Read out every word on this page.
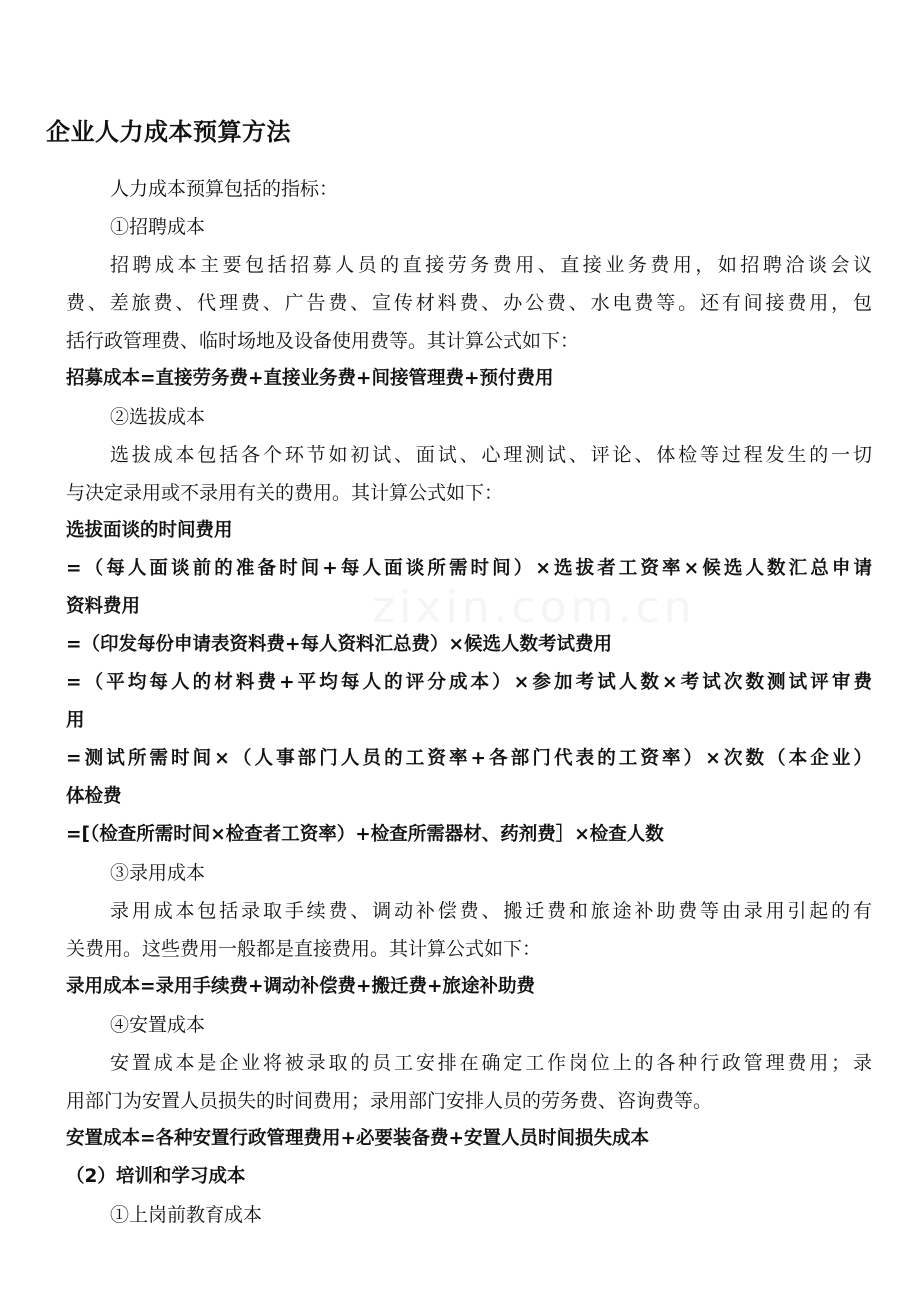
zixin.com.cn
企业人力成本预算方法
人力成本预算包括的指标：
①招聘成本
招聘成本主要包括招募人员的直接劳务费用、直接业务费用，如招聘洽谈会议
费、差旅费、代理费、广告费、宣传材料费、办公费、水电费等。还有间接费用，包
括行政管理费、临时场地及设备使用费等。其计算公式如下：
招募成本=直接劳务费+直接业务费+间接管理费+预付费用
②选拔成本
选拔成本包括各个环节如初试、面试、心理测试、评论、体检等过程发生的一切
与决定录用或不录用有关的费用。其计算公式如下：
选拔面谈的时间费用
=（每人面谈前的准备时间+每人面谈所需时间）×选拔者工资率×候选人数汇总申请
资料费用
=（印发每份申请表资料费+每人资料汇总费）×候选人数考试费用
=（平均每人的材料费+平均每人的评分成本）×参加考试人数×考试次数测试评审费
用
=测试所需时间×（人事部门人员的工资率+各部门代表的工资率）×次数（本企业）
体检费
=[（检查所需时间×检查者工资率）+检查所需器材、药剂费］×检查人数
③录用成本
录用成本包括录取手续费、调动补偿费、搬迁费和旅途补助费等由录用引起的有
关费用。这些费用一般都是直接费用。其计算公式如下：
录用成本=录用手续费+调动补偿费+搬迁费+旅途补助费
④安置成本
安置成本是企业将被录取的员工安排在确定工作岗位上的各种行政管理费用；录
用部门为安置人员损失的时间费用；录用部门安排人员的劳务费、咨询费等。
安置成本=各种安置行政管理费用+必要装备费+安置人员时间损失成本
（2）培训和学习成本
①上岗前教育成本
